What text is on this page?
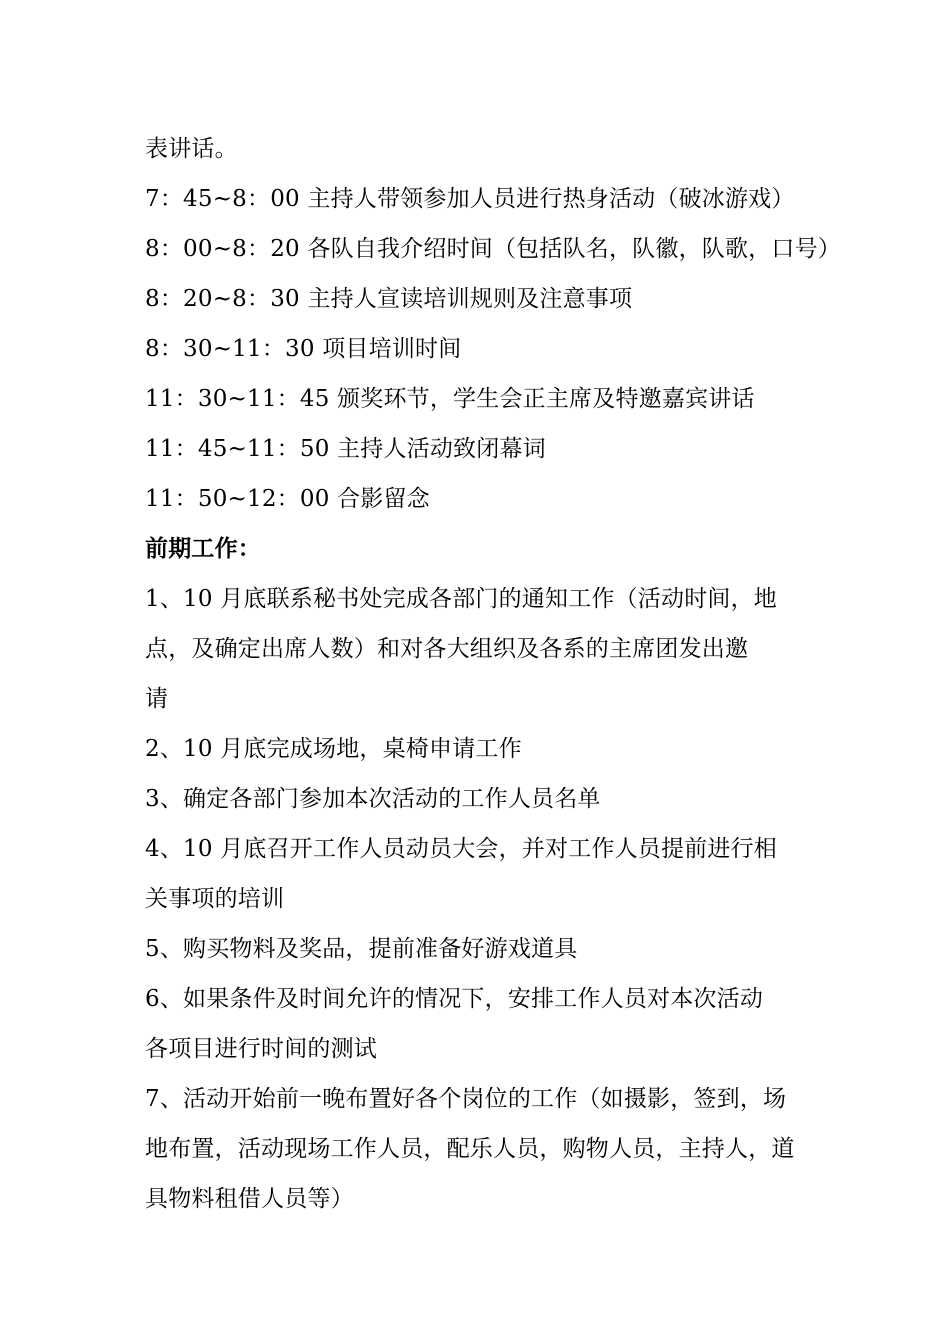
表讲话。
7：45~8：00 主持人带领参加人员进行热身活动（破冰游戏）
8：00~8：20 各队自我介绍时间（包括队名，队徽，队歌，口号）
8：20~8：30 主持人宣读培训规则及注意事项
8：30~11：30 项目培训时间
11：30~11：45 颁奖环节，学生会正主席及特邀嘉宾讲话
11：45~11：50 主持人活动致闭幕词
11：50~12：00 合影留念
前期工作：
1、10 月底联系秘书处完成各部门的通知工作（活动时间，地
点，及确定出席人数）和对各大组织及各系的主席团发出邀
请
2、10 月底完成场地，桌椅申请工作
3、确定各部门参加本次活动的工作人员名单
4、10 月底召开工作人员动员大会，并对工作人员提前进行相
关事项的培训
5、购买物料及奖品，提前准备好游戏道具
6、如果条件及时间允许的情况下，安排工作人员对本次活动
各项目进行时间的测试
7、活动开始前一晚布置好各个岗位的工作（如摄影，签到，场
地布置，活动现场工作人员，配乐人员，购物人员，主持人，道
具物料租借人员等）
